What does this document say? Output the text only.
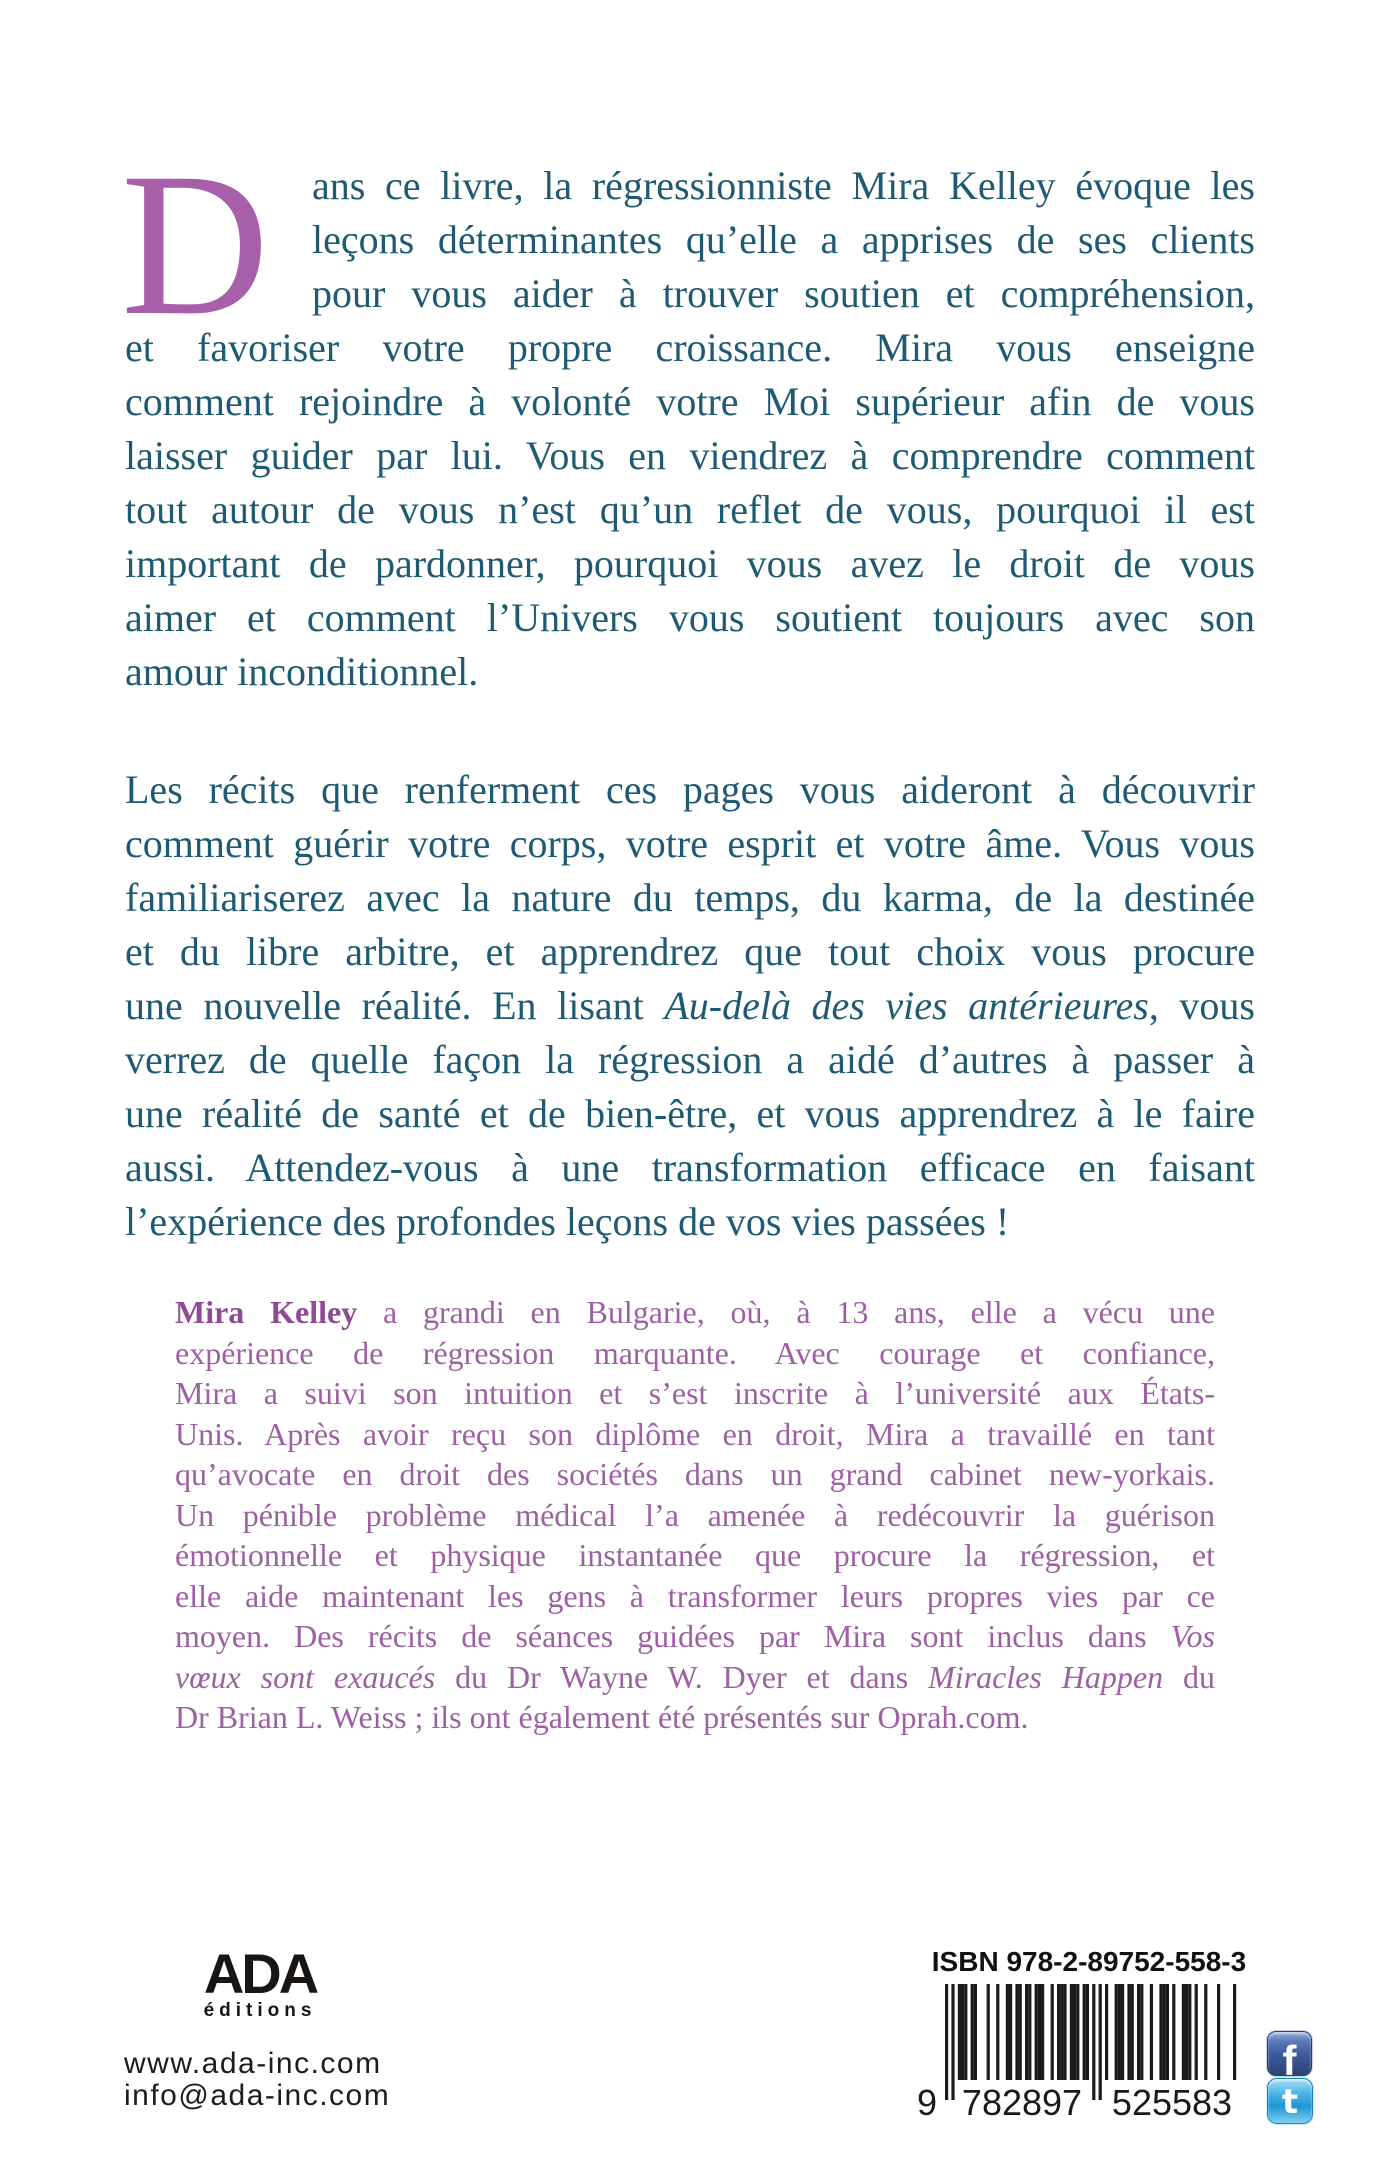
D	ans ce livre, la régressionniste Mira Kelley évoque les
leçons déterminantes qu’elle a apprises de ses clients
pour vous aider à trouver soutien et compréhension,
et favoriser votre propre croissance. Mira vous enseigne
comment rejoindre à volonté votre Moi supérieur afin de vous
laisser guider par lui. Vous en viendrez à comprendre comment
tout autour de vous n’est qu’un reflet de vous, pourquoi il est
important de pardonner, pourquoi vous avez le droit de vous
aimer et comment l’Univers vous soutient toujours avec son
amour inconditionnel.
Les récits que renferment ces pages vous aideront à découvrir
comment guérir votre corps, votre esprit et votre âme. Vous vous
familiariserez avec la nature du temps, du karma, de la destinée
et du libre arbitre, et apprendrez que tout choix vous procure
une nouvelle réalité. En lisant Au-delà des vies antérieures, vous
verrez de quelle façon la régression a aidé d’autres à passer à
une réalité de santé et de bien-être, et vous apprendrez à le faire
aussi. Attendez-vous à une transformation efficace en faisant
l’expérience des profondes leçons de vos vies passées !
Mira Kelley a grandi en Bulgarie, où, à 13 ans, elle a vécu une
expérience de régression marquante. Avec courage et confiance,
Mira a suivi son intuition et s’est inscrite à l’université aux États-
Unis. Après avoir reçu son diplôme en droit, Mira a travaillé en tant
qu’avocate en droit des sociétés dans un grand cabinet new-yorkais.
Un pénible problème médical l’a amenée à redécouvrir la guérison
émotionnelle et physique instantanée que procure la régression, et
elle aide maintenant les gens à transformer leurs propres vies par ce
moyen. Des récits de séances guidées par Mira sont inclus dans Vos
vœux sont exaucés du Dr Wayne W. Dyer et dans Miracles Happen du
Dr Brian L. Weiss ; ils ont également été présentés sur Oprah.com.
ADA
éditions
www.ada-inc.com
info@ada-inc.com
ISBN 978-2-89752-558-3
9 782897 525583
f
t
